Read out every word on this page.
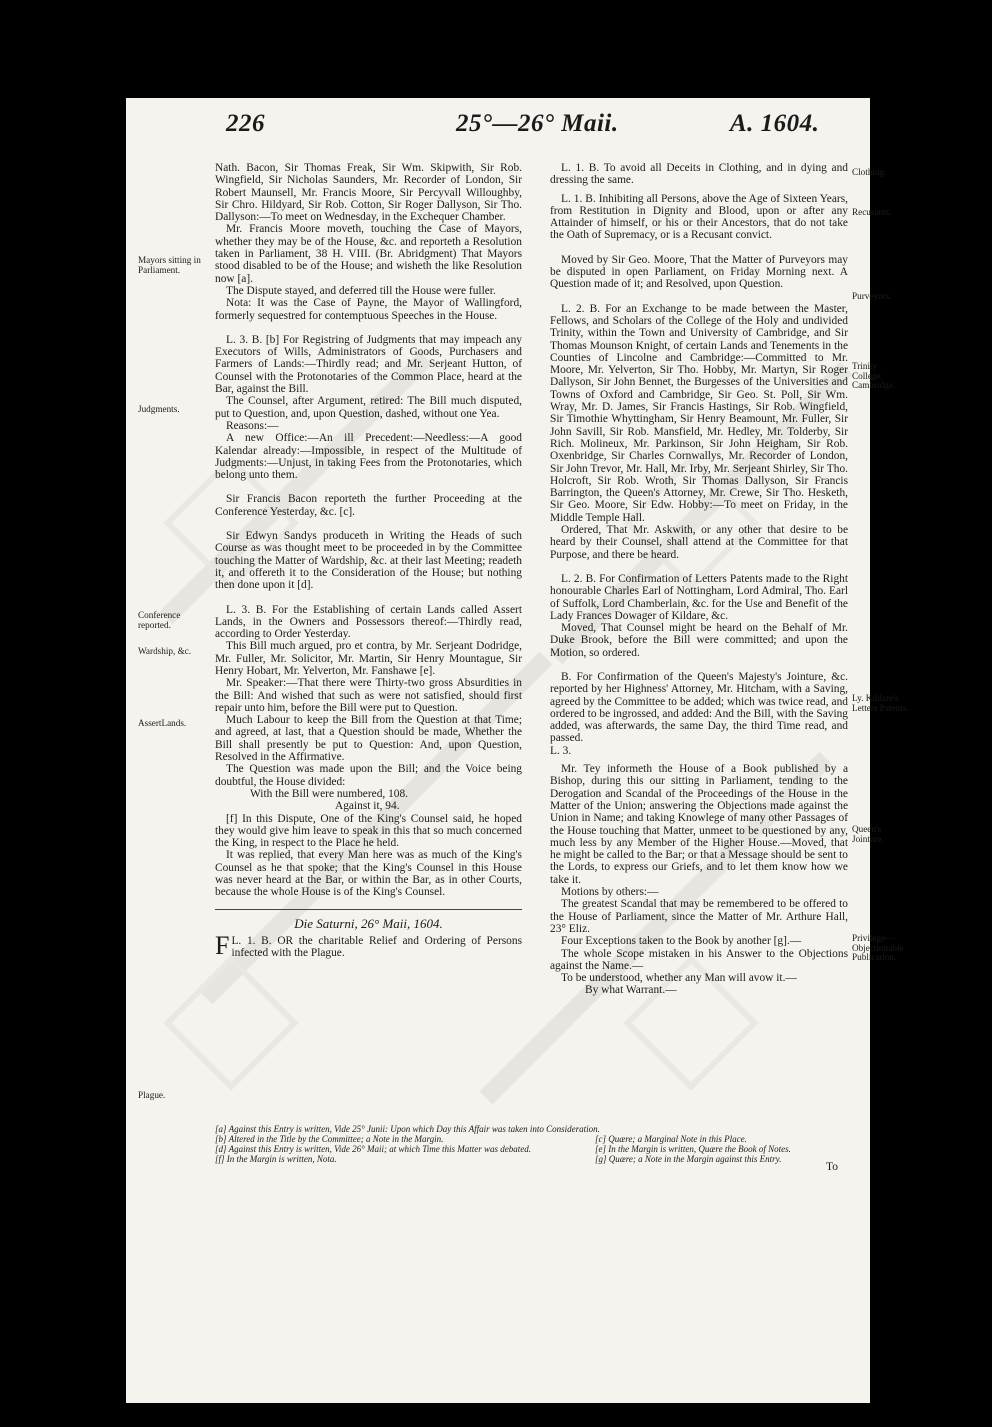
226	25°—26° Maii.	A. 1604.
Mayors sitting in Parliament.
Judgments.
Conference reported.
Wardship, &c.
AssertLands.
Plague.
Clothing.
Recusants.
Purveyors.
Trinity College, Cambridge.
Ly. Kildare's Letters Patents.
Queen's Jointure.
Privilege— Objectionable Publication.

Nath. Bacon, Sir Thomas Freak, Sir Wm. Skipwith, Sir Rob. Wingfield, Sir Nicholas Saunders, Mr. Recorder of London, Sir Robert Maunsell, Mr. Francis Moore, Sir Percyvall Willoughby, Sir Chro. Hildyard, Sir Rob. Cotton, Sir Roger Dallyson, Sir Tho. Dallyson:—To meet on Wednesday, in the Exchequer Chamber.

Mr. Francis Moore moveth, touching the Case of Mayors, whether they may be of the House, &c. and reporteth a Resolution taken in Parliament, 38 H. VIII. (Br. Abridgment) That Mayors stood disabled to be of the House; and wisheth the like Resolution now [a].

The Dispute stayed, and deferred till the House were fuller.

Nota: It was the Case of Payne, the Mayor of Wallingford, formerly sequestred for contemptuous Speeches in the House.

L. 3. B. [b] For Registring of Judgments that may impeach any Executors of Wills, Administrators of Goods, Purchasers and Farmers of Lands:—Thirdly read; and Mr. Serjeant Hutton, of Counsel with the Protonotaries of the Common Place, heard at the Bar, against the Bill.

The Counsel, after Argument, retired: The Bill much disputed, put to Question, and, upon Question, dashed, without one Yea.

Reasons:—

A new Office:—An ill Precedent:—Needless:—A good Kalendar already:—Impossible, in respect of the Multitude of Judgments:—Unjust, in taking Fees from the Protonotaries, which belong unto them.

Sir Francis Bacon reporteth the further Proceeding at the Conference Yesterday, &c. [c].

Sir Edwyn Sandys produceth in Writing the Heads of such Course as was thought meet to be proceeded in by the Committee touching the Matter of Wardship, &c. at their last Meeting; readeth it, and offereth it to the Consideration of the House; but nothing then done upon it [d].

L. 3. B. For the Establishing of certain Lands called Assert Lands, in the Owners and Possessors thereof:—Thirdly read, according to Order Yesterday.

This Bill much argued, pro et contra, by Mr. Serjeant Dodridge, Mr. Fuller, Mr. Solicitor, Mr. Martin, Sir Henry Mountague, Sir Henry Hobart, Mr. Yelverton, Mr. Fanshawe [e].

Mr. Speaker:—That there were Thirty-two gross Absurdities in the Bill: And wished that such as were not satisfied, should first repair unto him, before the Bill were put to Question.

Much Labour to keep the Bill from the Question at that Time; and agreed, at last, that a Question should be made, Whether the Bill shall presently be put to Question: And, upon Question, Resolved in the Affirmative.

The Question was made upon the Bill; and the Voice being doubtful, the House divided:

With the Bill were numbered, 108.

Against it, 94.

[f] In this Dispute, One of the King's Counsel said, he hoped they would give him leave to speak in this that so much concerned the King, in respect to the Place he held.

It was replied, that every Man here was as much of the King's Counsel as he that spoke; that the King's Counsel in this House was never heard at the Bar, or within the Bar, as in other Courts, because the whole House is of the King's Counsel.

Die Saturni, 26° Maii, 1604.
L. 1. B.
F	OR the charitable Relief and Ordering of Persons infected with the Plague.

L. 1. B. To avoid all Deceits in Clothing, and in dying and dressing the same.

L. 1. B. Inhibiting all Persons, above the Age of Sixteen Years, from Restitution in Dignity and Blood, upon or after any Attainder of himself, or his or their Ancestors, that do not take the Oath of Supremacy, or is a Recusant convict.

Moved by Sir Geo. Moore, That the Matter of Purveyors may be disputed in open Parliament, on Friday Morning next. A Question made of it; and Resolved, upon Question.

L. 2. B. For an Exchange to be made between the Master, Fellows, and Scholars of the College of the Holy and undivided Trinity, within the Town and University of Cambridge, and Sir Thomas Mounson Knight, of certain Lands and Tenements in the Counties of Lincolne and Cambridge:—Committed to Mr. Moore, Mr. Yelverton, Sir Tho. Hobby, Mr. Martyn, Sir Roger Dallyson, Sir John Bennet, the Burgesses of the Universities and Towns of Oxford and Cambridge, Sir Geo. St. Poll, Sir Wm. Wray, Mr. D. James, Sir Francis Hastings, Sir Rob. Wingfield, Sir Timothie Whyttingham, Sir Henry Beamount, Mr. Fuller, Sir John Savill, Sir Rob. Mansfield, Mr. Hedley, Mr. Tolderby, Sir Rich. Molineux, Mr. Parkinson, Sir John Heigham, Sir Rob. Oxenbridge, Sir Charles Cornwallys, Mr. Recorder of London, Sir John Trevor, Mr. Hall, Mr. Irby, Mr. Serjeant Shirley, Sir Tho. Holcroft, Sir Rob. Wroth, Sir Thomas Dallyson, Sir Francis Barrington, the Queen's Attorney, Mr. Crewe, Sir Tho. Hesketh, Sir Geo. Moore, Sir Edw. Hobby:—To meet on Friday, in the Middle Temple Hall.

Ordered, That Mr. Askwith, or any other that desire to be heard by their Counsel, shall attend at the Committee for that Purpose, and there be heard.

L. 2. B. For Confirmation of Letters Patents made to the Right honourable Charles Earl of Nottingham, Lord Admiral, Tho. Earl of Suffolk, Lord Chamberlain, &c. for the Use and Benefit of the Lady Frances Dowager of Kildare, &c.

Moved, That Counsel might be heard on the Behalf of Mr. Duke Brook, before the Bill were committed; and upon the Motion, so ordered.

B. For Confirmation of the Queen's Majesty's Jointure, &c. reported by her Highness' Attorney, Mr. Hitcham, with a Saving, agreed by the Committee to be added; which was twice read, and ordered to be ingrossed, and added: And the Bill, with the Saving added, was afterwards, the same Day, the third Time read, and passed.

L. 3.

Mr. Tey informeth the House of a Book published by a Bishop, during this our sitting in Parliament, tending to the Derogation and Scandal of the Proceedings of the House in the Matter of the Union; answering the Objections made against the Union in Name; and taking Knowlege of many other Passages of the House touching that Matter, unmeet to be questioned by any, much less by any Member of the Higher House.—Moved, that he might be called to the Bar; or that a Message should be sent to the Lords, to express our Griefs, and to let them know how we take it.

Motions by others:—

The greatest Scandal that may be remembered to be offered to the House of Parliament, since the Matter of Mr. Arthure Hall, 23° Eliz.

Four Exceptions taken to the Book by another [g].—

The whole Scope mistaken in his Answer to the Objections against the Name.—

To be understood, whether any Man will avow it.—

By what Warrant.—

[a] Against this Entry is written, Vide 25° Junii: Upon which Day this Affair was taken into Consideration.
[b] Altered in the Title by the Committee; a Note in the Margin.	[c] Quære; a Marginal Note in this Place.
[d] Against this Entry is written, Vide 26° Maii; at which Time this Matter was debated.	[e] In the Margin is written, Quære the Book of Notes.
[f] In the Margin is written, Nota.	[g] Quære; a Note in the Margin against this Entry.
To
